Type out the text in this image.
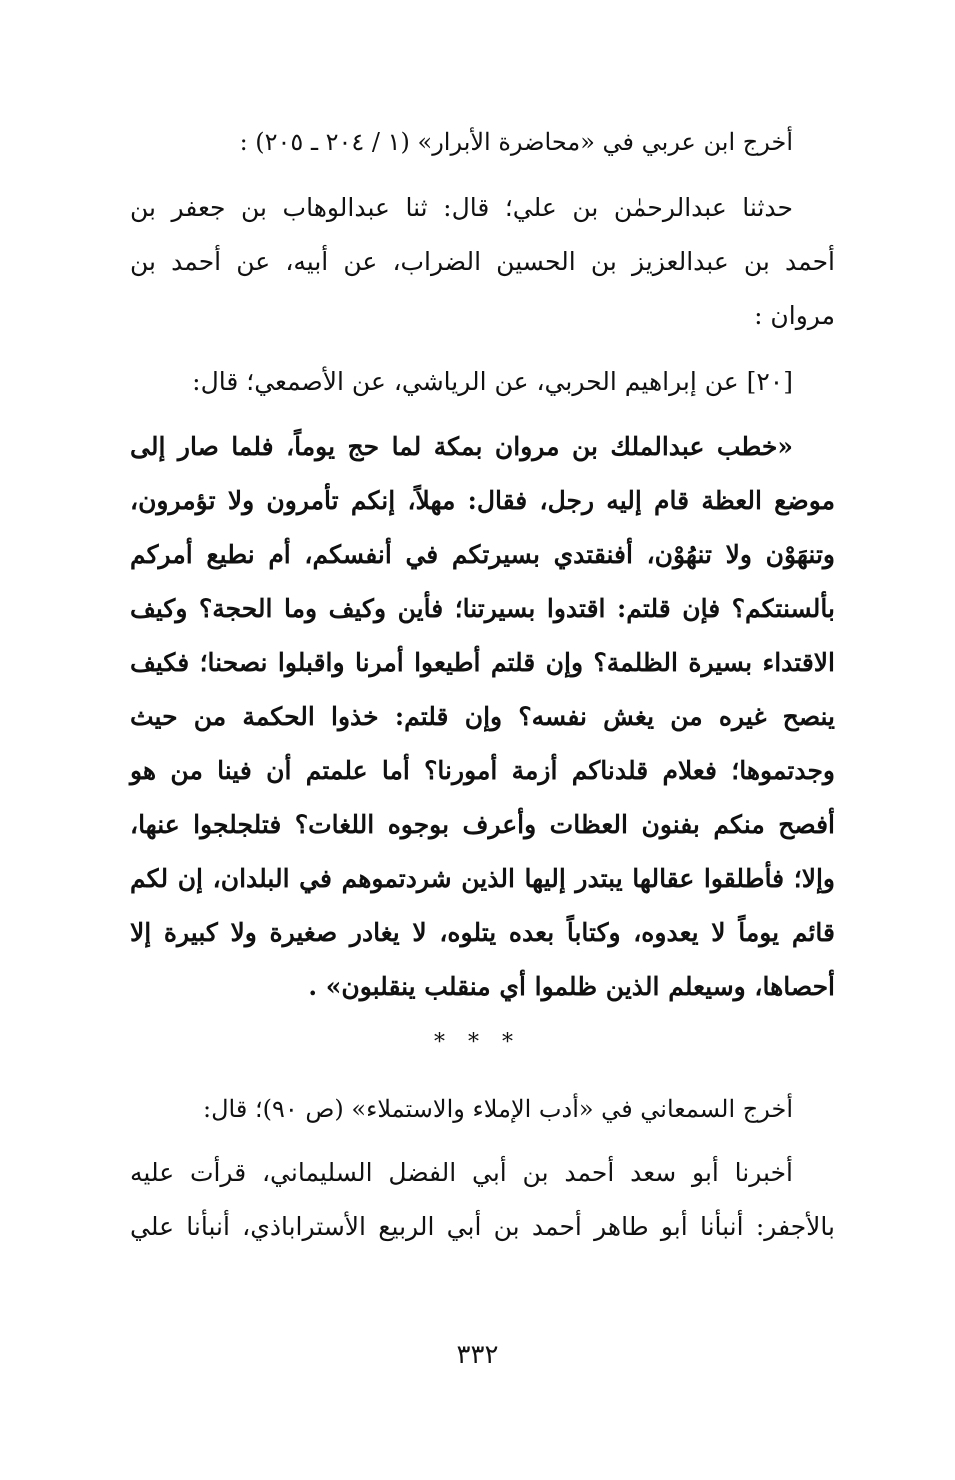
أخرج ابن عربي في «محاضرة الأبرار» (١ / ٢٠٤ ـ ٢٠٥) :
حدثنا عبدالرحمٰن بن علي؛ قال: ثنا عبدالوهاب بن جعفر بن
أحمد بن عبدالعزيز بن الحسين الضراب، عن أبيه، عن أحمد بن
مروان :
[٢٠] عن إبراهيم الحربي، عن الرياشي، عن الأصمعي؛ قال:
«خطب عبدالملك بن مروان بمكة لما حج يوماً، فلما صار إلى
موضع العظة قام إليه رجل، فقال: مهلاً، إنكم تأمرون ولا تؤمرون،
وتنهَوْن ولا تنهُوْن، أفنقتدي بسيرتكم في أنفسكم، أم نطيع أمركم
بألسنتكم؟ فإن قلتم: اقتدوا بسيرتنا؛ فأين وكيف وما الحجة؟ وكيف
الاقتداء بسيرة الظلمة؟ وإن قلتم أطيعوا أمرنا واقبلوا نصحنا؛ فكيف
ينصح غيره من يغش نفسه؟ وإن قلتم: خذوا الحكمة من حيث
وجدتموها؛ فعلام قلدناكم أزمة أمورنا؟ أما علمتم أن فينا من هو
أفصح منكم بفنون العظات وأعرف بوجوه اللغات؟ فتلجلجوا عنها،
وإلا؛ فأطلقوا عقالها يبتدر إليها الذين شردتموهم في البلدان، إن لكم
قائم يوماً لا يعدوه، وكتاباً بعده يتلوه، لا يغادر صغيرة ولا كبيرة إلا
أحصاها، وسيعلم الذين ظلموا أي منقلب ينقلبون» .
* * *
أخرج السمعاني في «أدب الإملاء والاستملاء» (ص ٩٠)؛ قال:
أخبرنا أبو سعد أحمد بن أبي الفضل السليماني، قرأت عليه
بالأجفر: أنبأنا أبو طاهر أحمد بن أبي الربيع الأستراباذي، أنبأنا علي
٣٣٢
